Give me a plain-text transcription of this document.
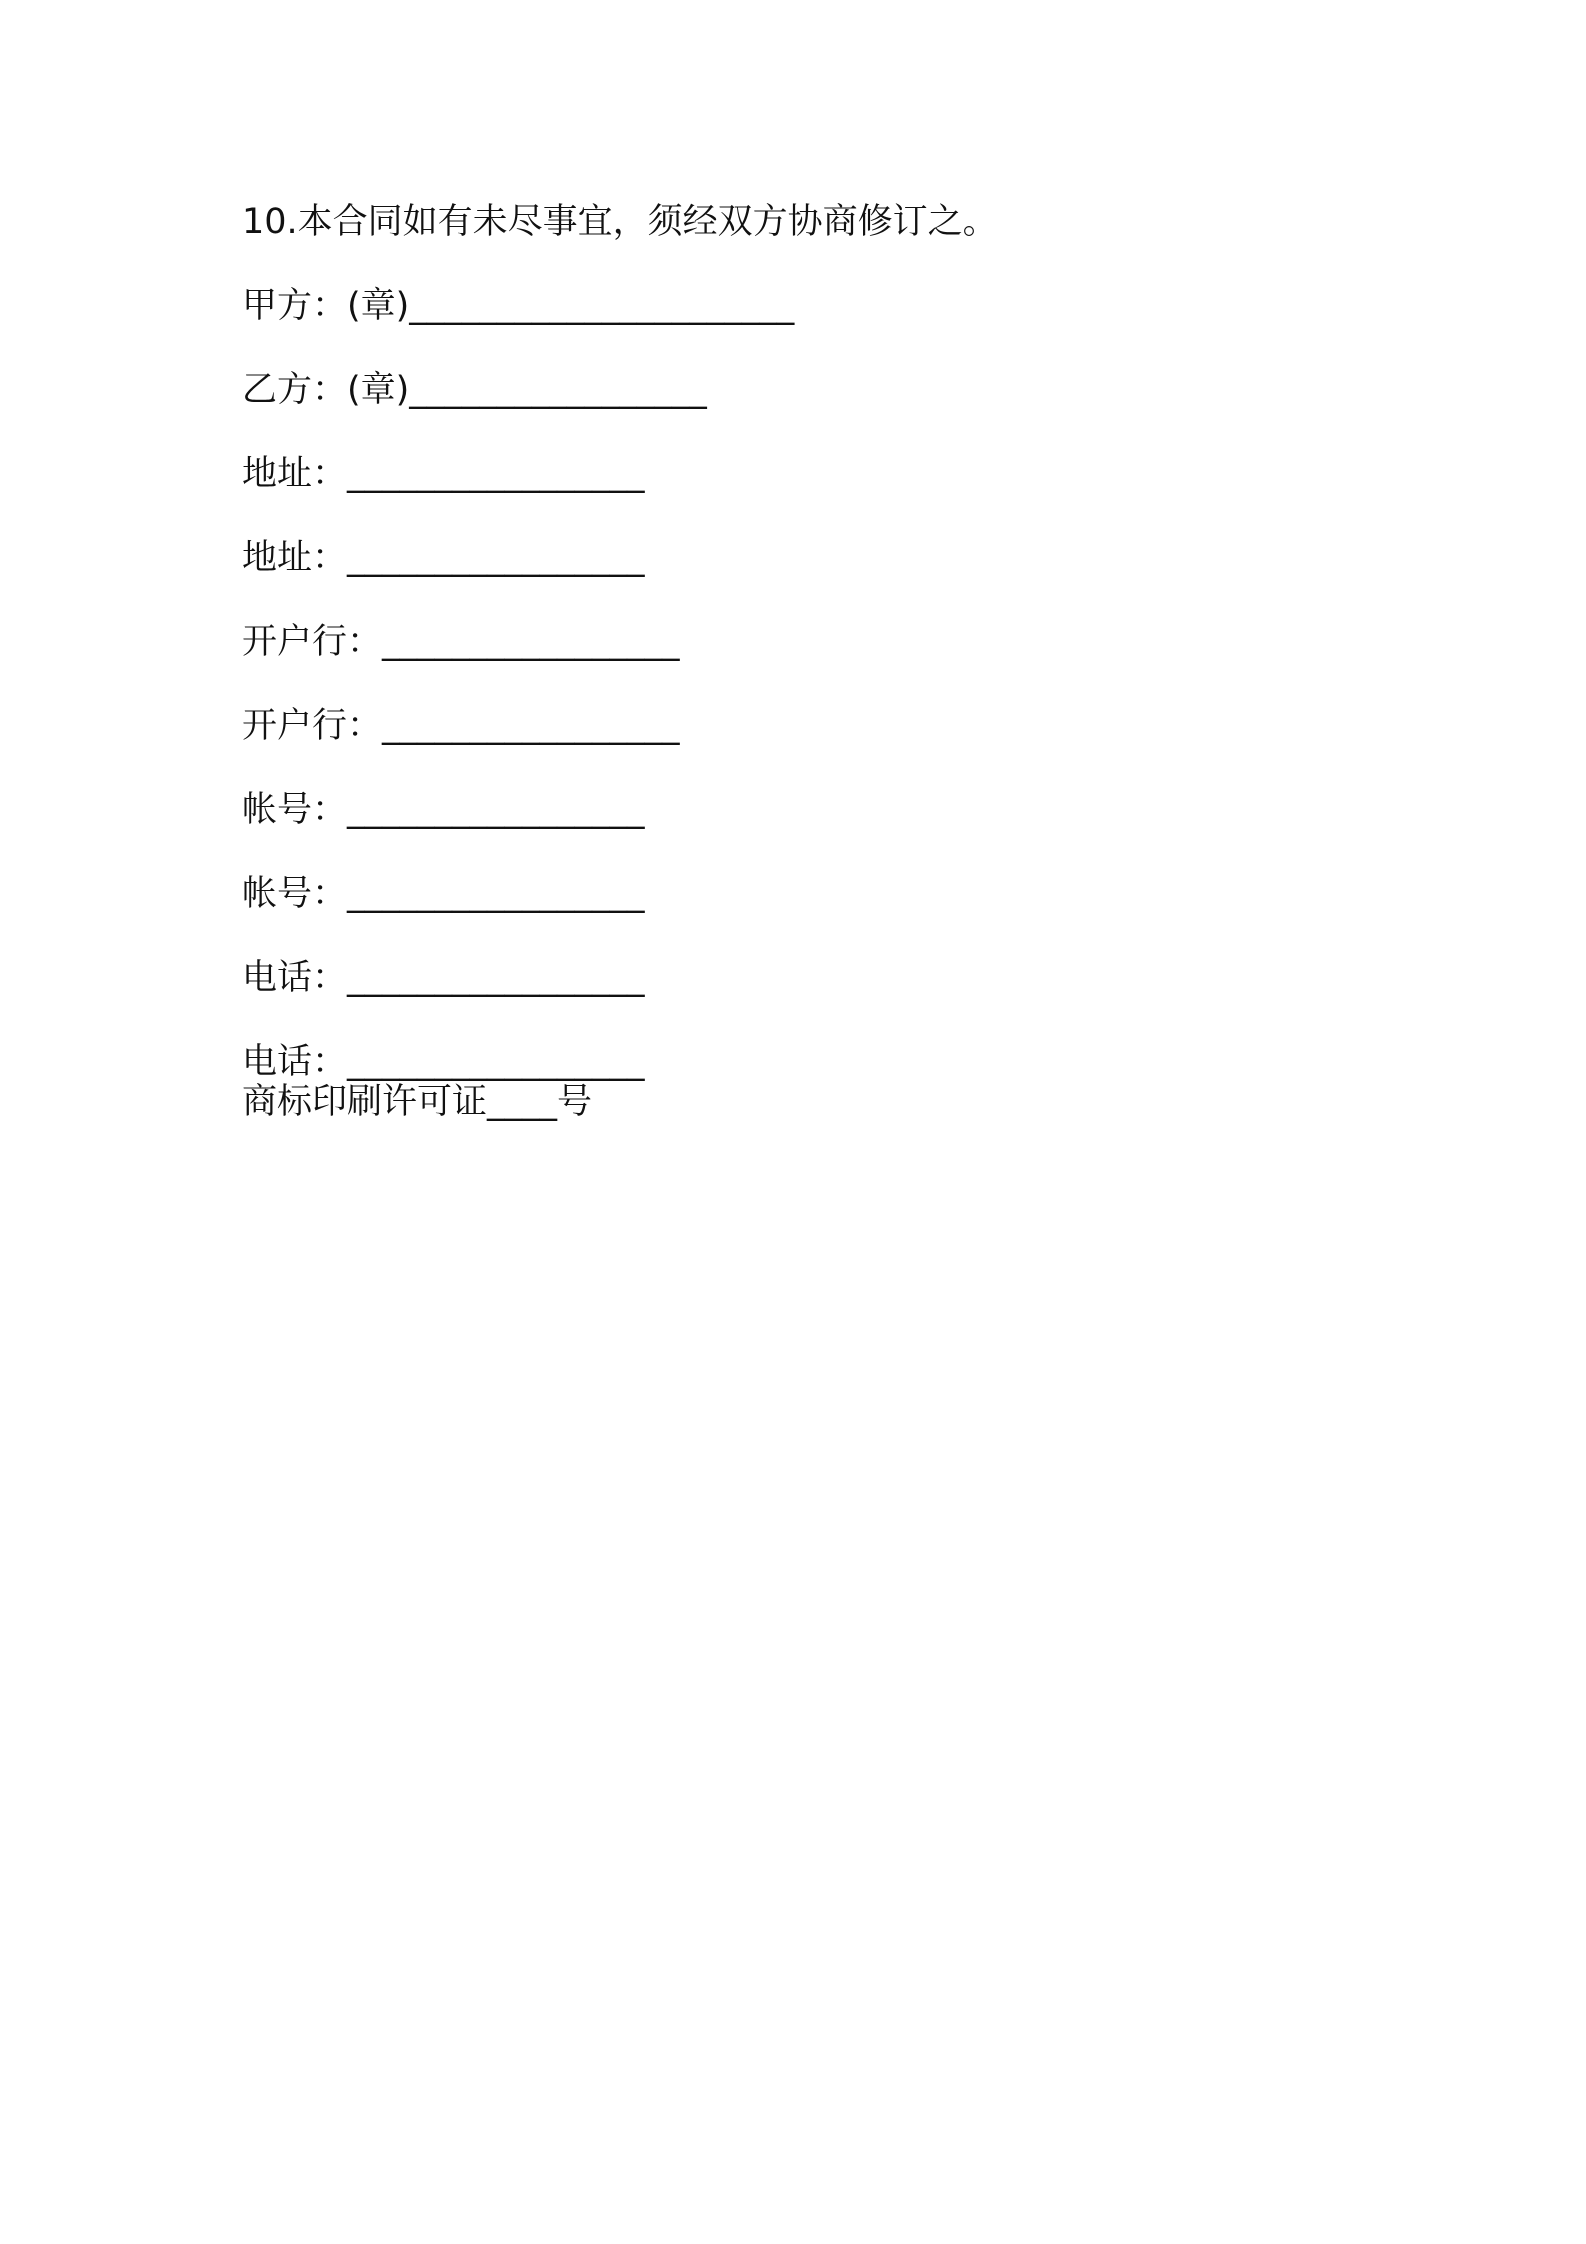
10.本合同如有未尽事宜，须经双方协商修订之。

甲方：(章)______________________

乙方：(章)_________________

地址：_________________

地址：_________________

开户行：_________________

开户行：_________________

帐号：_________________

帐号：_________________

电话：_________________

电话：_________________

商标印刷许可证____号
